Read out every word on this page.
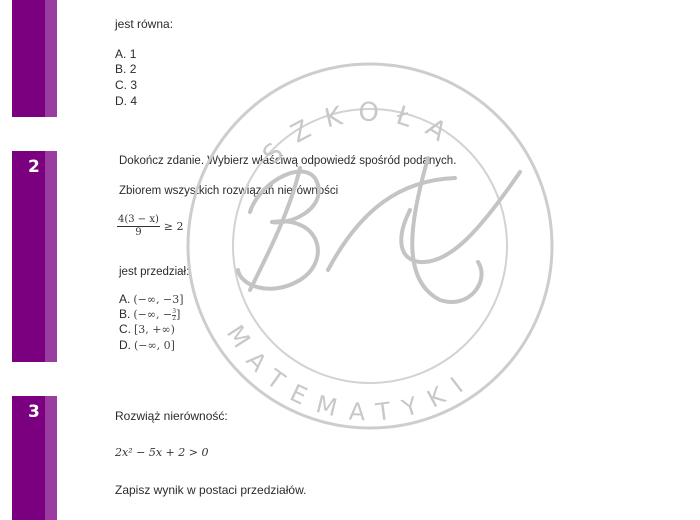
2
3
jest równa:
A. 1
B. 2
C. 3
D. 4
Dokończ zdanie. Wybierz właściwą odpowiedź spośród podanych.
Zbiorem wszystkich rozwiązań nierówności
$\frac{4(3 - x)}{9} \ge 2$
jest przedział:
A. (−∞, −3]
B. (−∞, − $\frac{3}{2}$]
C. [3, +∞)
D. (−∞, 0]
Rozwiąż nierówność:
2x² − 5x + 2 > 0
Zapisz wynik w postaci przedziałów.
SZKOŁA
MATEMATYKI
